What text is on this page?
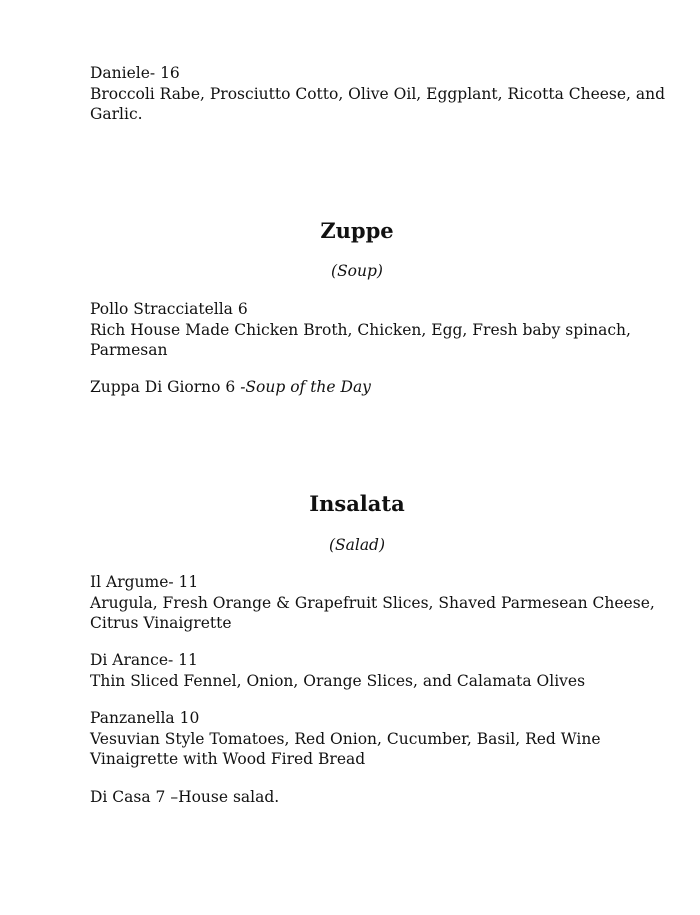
Daniele- 16
Broccoli Rabe, Prosciutto Cotto, Olive Oil, Eggplant, Ricotta Cheese, and
Garlic.
Zuppe
(Soup)
Pollo Stracciatella 6
Rich House Made Chicken Broth, Chicken, Egg, Fresh baby spinach,
Parmesan
Zuppa Di Giorno 6 -Soup of the Day
Insalata
(Salad)
Il Argume- 11
Arugula, Fresh Orange & Grapefruit Slices, Shaved Parmesean Cheese,
Citrus Vinaigrette
Di Arance- 11
Thin Sliced Fennel, Onion, Orange Slices, and Calamata Olives
Panzanella 10
Vesuvian Style Tomatoes, Red Onion, Cucumber, Basil, Red Wine
Vinaigrette with Wood Fired Bread
Di Casa 7 –House salad.
